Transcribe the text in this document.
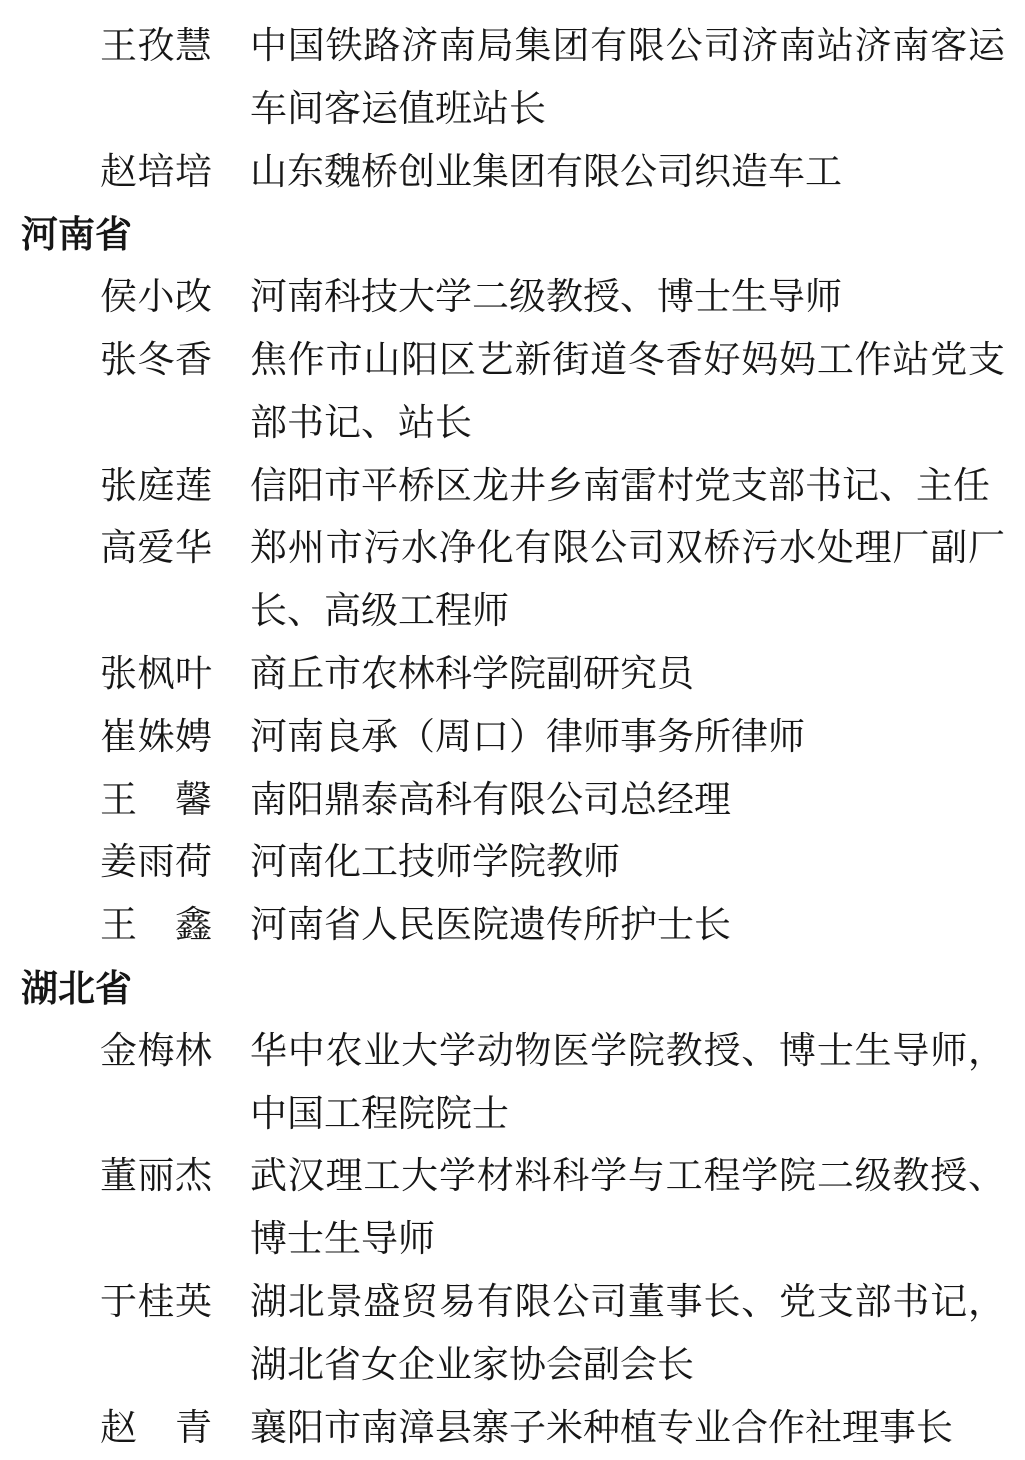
王孜慧 中国铁路济南局集团有限公司济南站济南客运车间客运值班站长
赵培培 山东魏桥创业集团有限公司织造车工
河南省
侯小改 河南科技大学二级教授、博士生导师
张冬香 焦作市山阳区艺新街道冬香好妈妈工作站党支部书记、站长
张庭莲 信阳市平桥区龙井乡南雷村党支部书记、主任
高爱华 郑州市污水净化有限公司双桥污水处理厂副厂长、高级工程师
张枫叶 商丘市农林科学院副研究员
崔姝娉 河南良承（周口）律师事务所律师
王馨 南阳鼎泰高科有限公司总经理
姜雨荷 河南化工技师学院教师
王鑫 河南省人民医院遗传所护士长
湖北省
金梅林 华中农业大学动物医学院教授、博士生导师，中国工程院院士
董丽杰 武汉理工大学材料科学与工程学院二级教授、博士生导师
于桂英 湖北景盛贸易有限公司董事长、党支部书记，湖北省女企业家协会副会长
赵青 襄阳市南漳县寨子米种植专业合作社理事长
